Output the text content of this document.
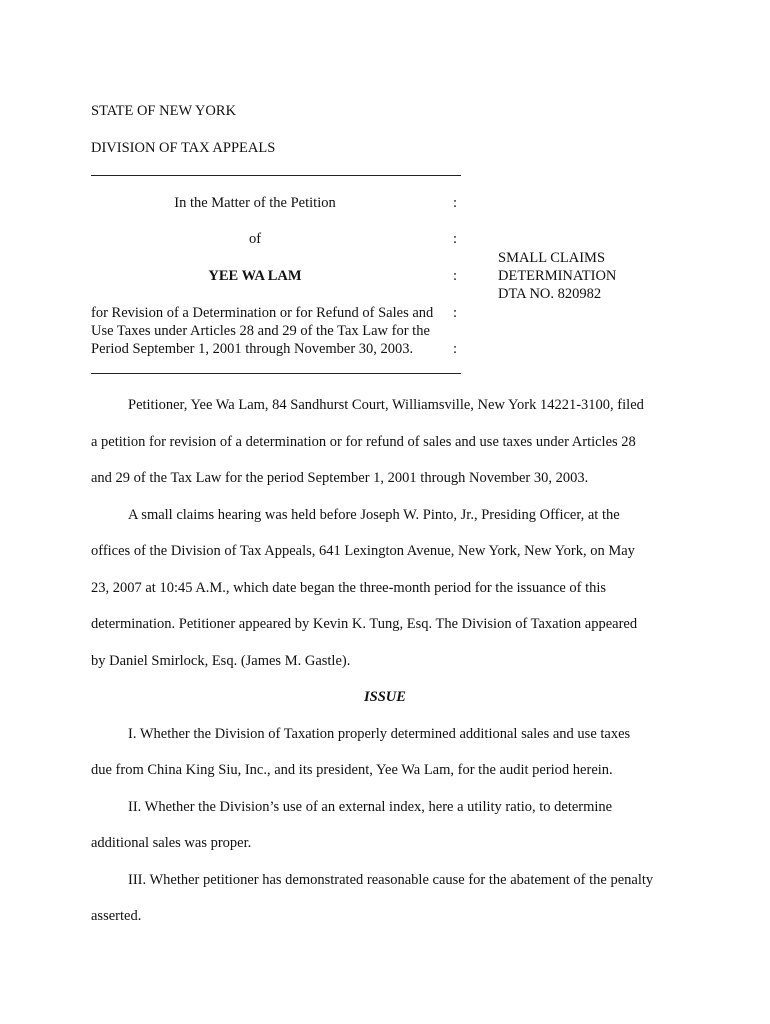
STATE OF NEW YORK
DIVISION OF TAX APPEALS
In the Matter of the Petition	:
of	:
YEE WA LAM	:
for Revision of a Determination or for Refund of Sales and :
Use Taxes under Articles 28 and 29 of the Tax Law for the
Period September 1, 2001 through November 30, 2003.	:
SMALL CLAIMS
DETERMINATION
DTA NO. 820982
Petitioner, Yee Wa Lam, 84 Sandhurst Court, Williamsville, New York 14221-3100, filed
a petition for revision of a determination or for refund of sales and use taxes under Articles 28
and 29 of the Tax Law for the period September 1, 2001 through November 30, 2003.
A small claims hearing was held before Joseph W. Pinto, Jr., Presiding Officer, at the
offices of the Division of Tax Appeals, 641 Lexington Avenue, New York, New York, on May
23, 2007 at 10:45 A.M., which date began the three-month period for the issuance of this
determination. Petitioner appeared by Kevin K. Tung, Esq. The Division of Taxation appeared
by Daniel Smirlock, Esq. (James M. Gastle).
ISSUE
I. Whether the Division of Taxation properly determined additional sales and use taxes
due from China King Siu, Inc., and its president, Yee Wa Lam, for the audit period herein.
II. Whether the Division’s use of an external index, here a utility ratio, to determine
additional sales was proper.
III. Whether petitioner has demonstrated reasonable cause for the abatement of the penalty
asserted.
